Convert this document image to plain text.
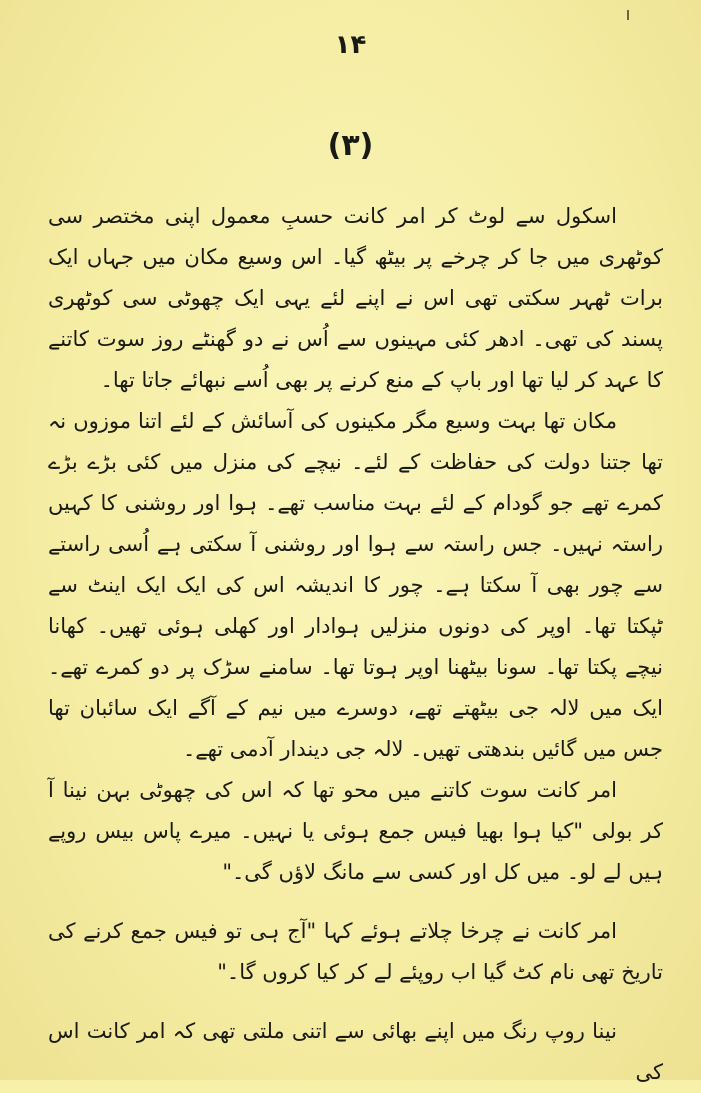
۱۴
(۳)

اسکول سے لوٹ کر امر کانت حسبِ معمول اپنی مختصر سی کوٹھری میں جا کر چرخے پر بیٹھ گیا۔ اس وسیع مکان میں جہاں ایک برات ٹھہر سکتی تھی اس نے اپنے لئے یہی ایک چھوٹی سی کوٹھری پسند کی تھی۔ ادھر کئی مہینوں سے اُس نے دو گھنٹے روز سوت کاتنے کا عہد کر لیا تھا اور باپ کے منع کرنے پر بھی اُسے نبھائے جاتا تھا۔

مکان تھا بہت وسیع مگر مکینوں کی آسائش کے لئے اتنا موزوں نہ تھا جتنا دولت کی حفاظت کے لئے۔ نیچے کی منزل میں کئی بڑے بڑے کمرے تھے جو گودام کے لئے بہت مناسب تھے۔ ہوا اور روشنی کا کہیں راستہ نہیں۔ جس راستہ سے ہوا اور روشنی آ سکتی ہے اُسی راستے سے چور بھی آ سکتا ہے۔ چور کا اندیشہ اس کی ایک ایک اینٹ سے ٹپکتا تھا۔ اوپر کی دونوں منزلیں ہوادار اور کھلی ہوئی تھیں۔ کھانا نیچے پکتا تھا۔ سونا بیٹھنا اوپر ہوتا تھا۔ سامنے سڑک پر دو کمرے تھے۔ ایک میں لالہ جی بیٹھتے تھے، دوسرے میں نیم کے آگے ایک سائبان تھا جس میں گائیں بندھتی تھیں۔ لالہ جی دیندار آدمی تھے۔

امر کانت سوت کاتنے میں محو تھا کہ اس کی چھوٹی بہن نینا آ کر بولی "کیا ہوا بھیا فیس جمع ہوئی یا نہیں۔ میرے پاس بیس روپے ہیں لے لو۔ میں کل اور کسی سے مانگ لاؤں گی۔"

امر کانت نے چرخا چلاتے ہوئے کہا "آج ہی تو فیس جمع کرنے کی تاریخ تھی نام کٹ گیا اب روپئے لے کر کیا کروں گا۔"

نینا روپ رنگ میں اپنے بھائی سے اتنی ملتی تھی کہ امر کانت اس کی
